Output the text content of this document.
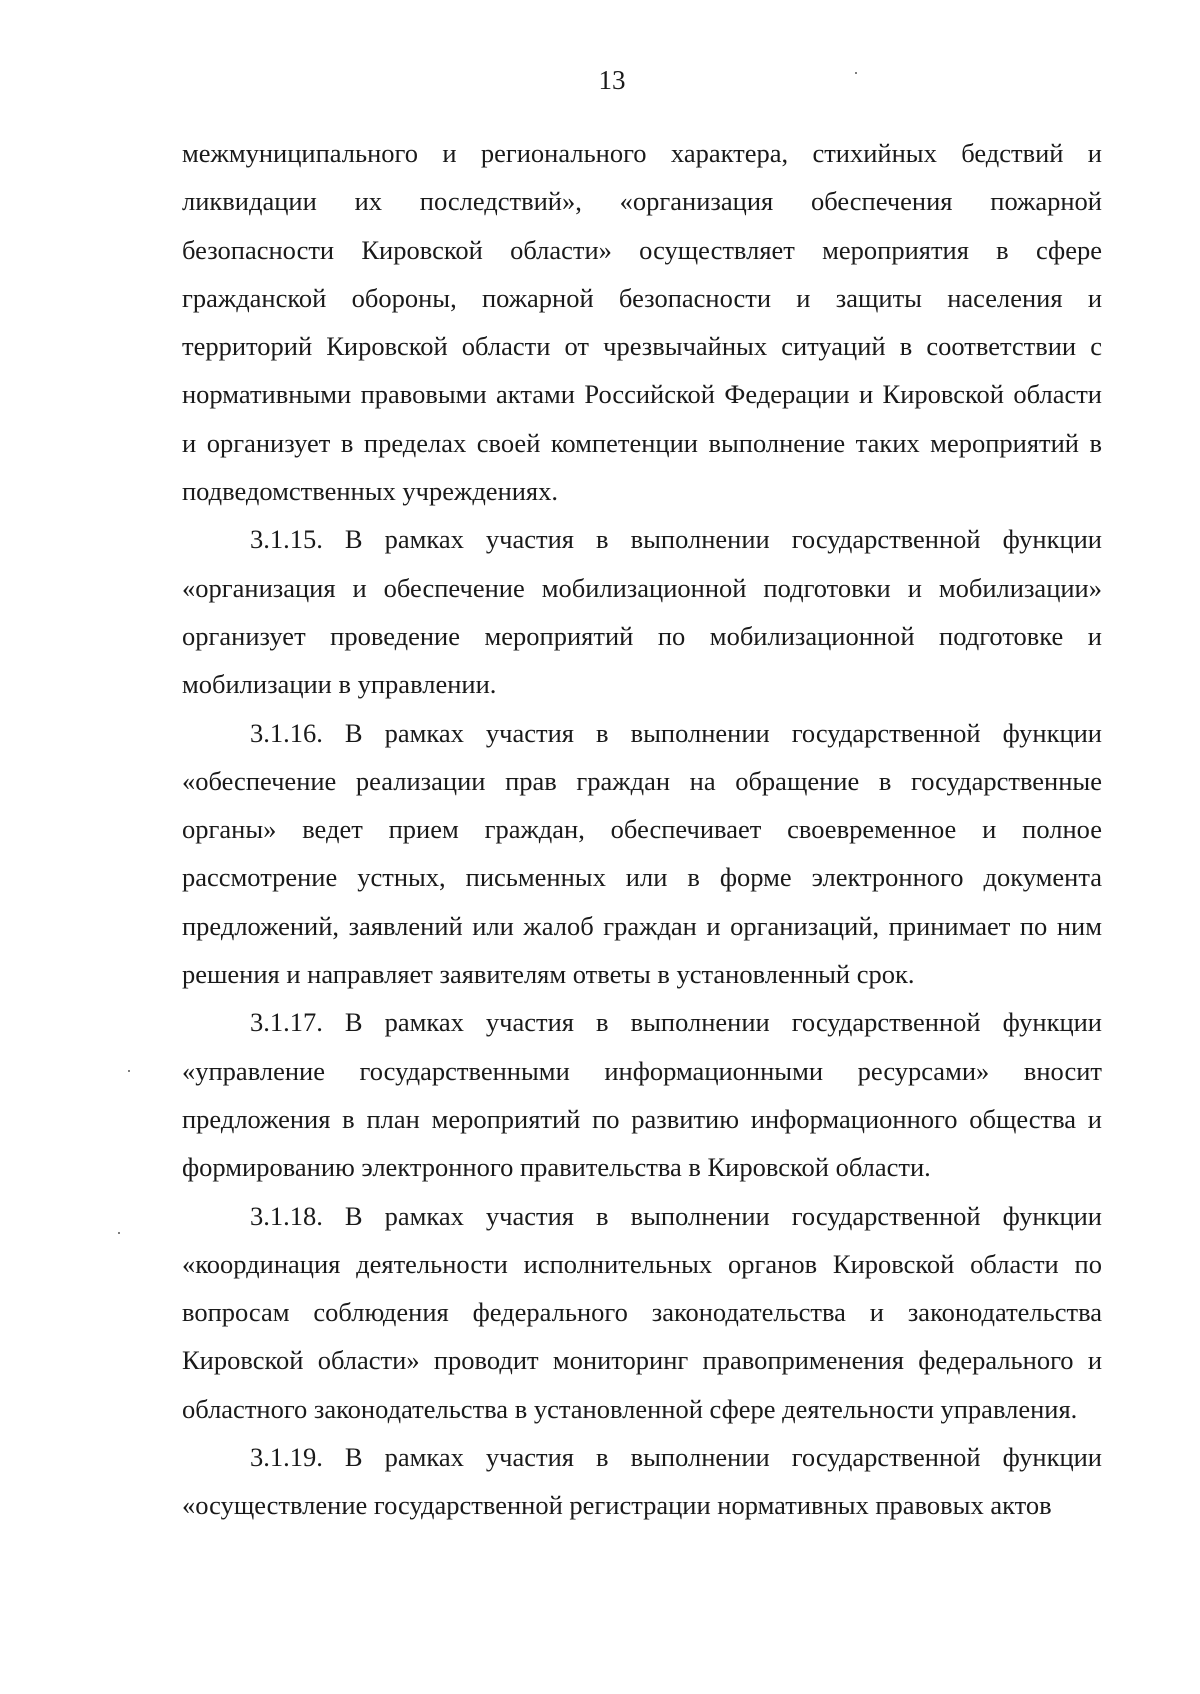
13

межмуниципального и регионального характера, стихийных бедствий и ликвидации их последствий», «организация обеспечения пожарной безопасности Кировской области» осуществляет мероприятия в сфере гражданской обороны, пожарной безопасности и защиты населения и территорий Кировской области от чрезвычайных ситуаций в соответствии с нормативными правовыми актами Российской Федерации и Кировской области и организует в пределах своей компетенции выполнение таких мероприятий в подведомственных учреждениях.

3.1.15. В рамках участия в выполнении государственной функции «организация и обеспечение мобилизационной подготовки и мобилизации» организует проведение мероприятий по мобилизационной подготовке и мобилизации в управлении.

3.1.16. В рамках участия в выполнении государственной функции «обеспечение реализации прав граждан на обращение в государственные органы» ведет прием граждан, обеспечивает своевременное и полное рассмотрение устных, письменных или в форме электронного документа предложений, заявлений или жалоб граждан и организаций, принимает по ним решения и направляет заявителям ответы в установленный срок.

3.1.17. В рамках участия в выполнении государственной функции «управление государственными информационными ресурсами» вносит предложения в план мероприятий по развитию информационного общества и формированию электронного правительства в Кировской области.

3.1.18. В рамках участия в выполнении государственной функции «координация деятельности исполнительных органов Кировской области по вопросам соблюдения федерального законодательства и законодательства Кировской области» проводит мониторинг правоприменения федерального и областного законодательства в установленной сфере деятельности управления.

3.1.19. В рамках участия в выполнении государственной функции «осуществление государственной регистрации нормативных правовых актов
